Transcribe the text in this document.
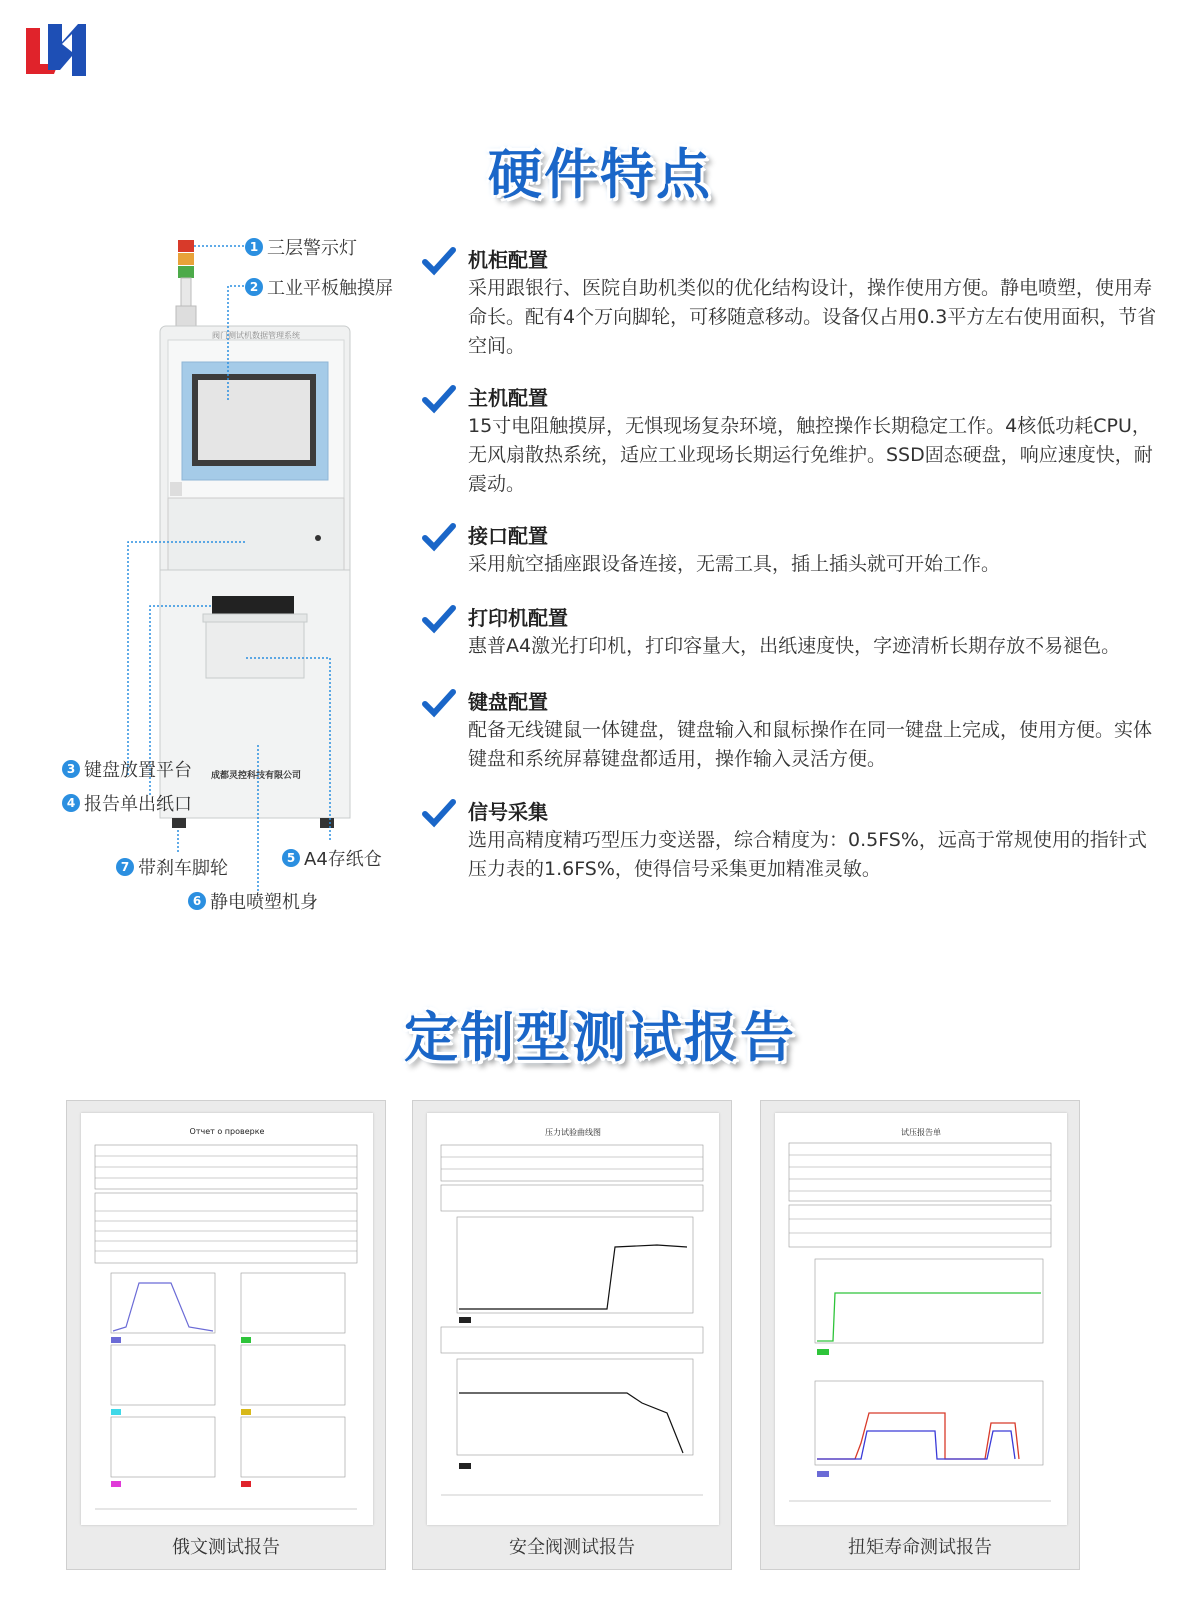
硬件特点
阀门测试机数据管理系统
成都灵控科技有限公司
1 三层警示灯
2 工业平板触摸屏
3 键盘放置平台
4 报告单出纸口
5 A4存纸仓
6 静电喷塑机身
7 带刹车脚轮
机柜配置
采用跟银行、医院自助机类似的优化结构设计，操作使用方便。静电喷塑，使用寿命长。配有4个万向脚轮，可移随意移动。设备仅占用0.3平方左右使用面积，节省空间。
主机配置
15寸电阻触摸屏，无惧现场复杂环境，触控操作长期稳定工作。4核低功耗CPU，无风扇散热系统，适应工业现场长期运行免维护。SSD固态硬盘，响应速度快，耐震动。
接口配置
采用航空插座跟设备连接，无需工具，插上插头就可开始工作。
打印机配置
惠普A4激光打印机，打印容量大，出纸速度快，字迹清析长期存放不易褪色。
键盘配置
配备无线键鼠一体键盘，键盘输入和鼠标操作在同一键盘上完成，使用方便。实体键盘和系统屏幕键盘都适用，操作输入灵活方便。
信号采集
选用高精度精巧型压力变送器，综合精度为：0.5FS%，远高于常规使用的指针式压力表的1.6FS%，使得信号采集更加精准灵敏。
定制型测试报告
Отчет о проверке
俄文测试报告
压力试验曲线图
安全阀测试报告
试压报告单
扭矩寿命测试报告
